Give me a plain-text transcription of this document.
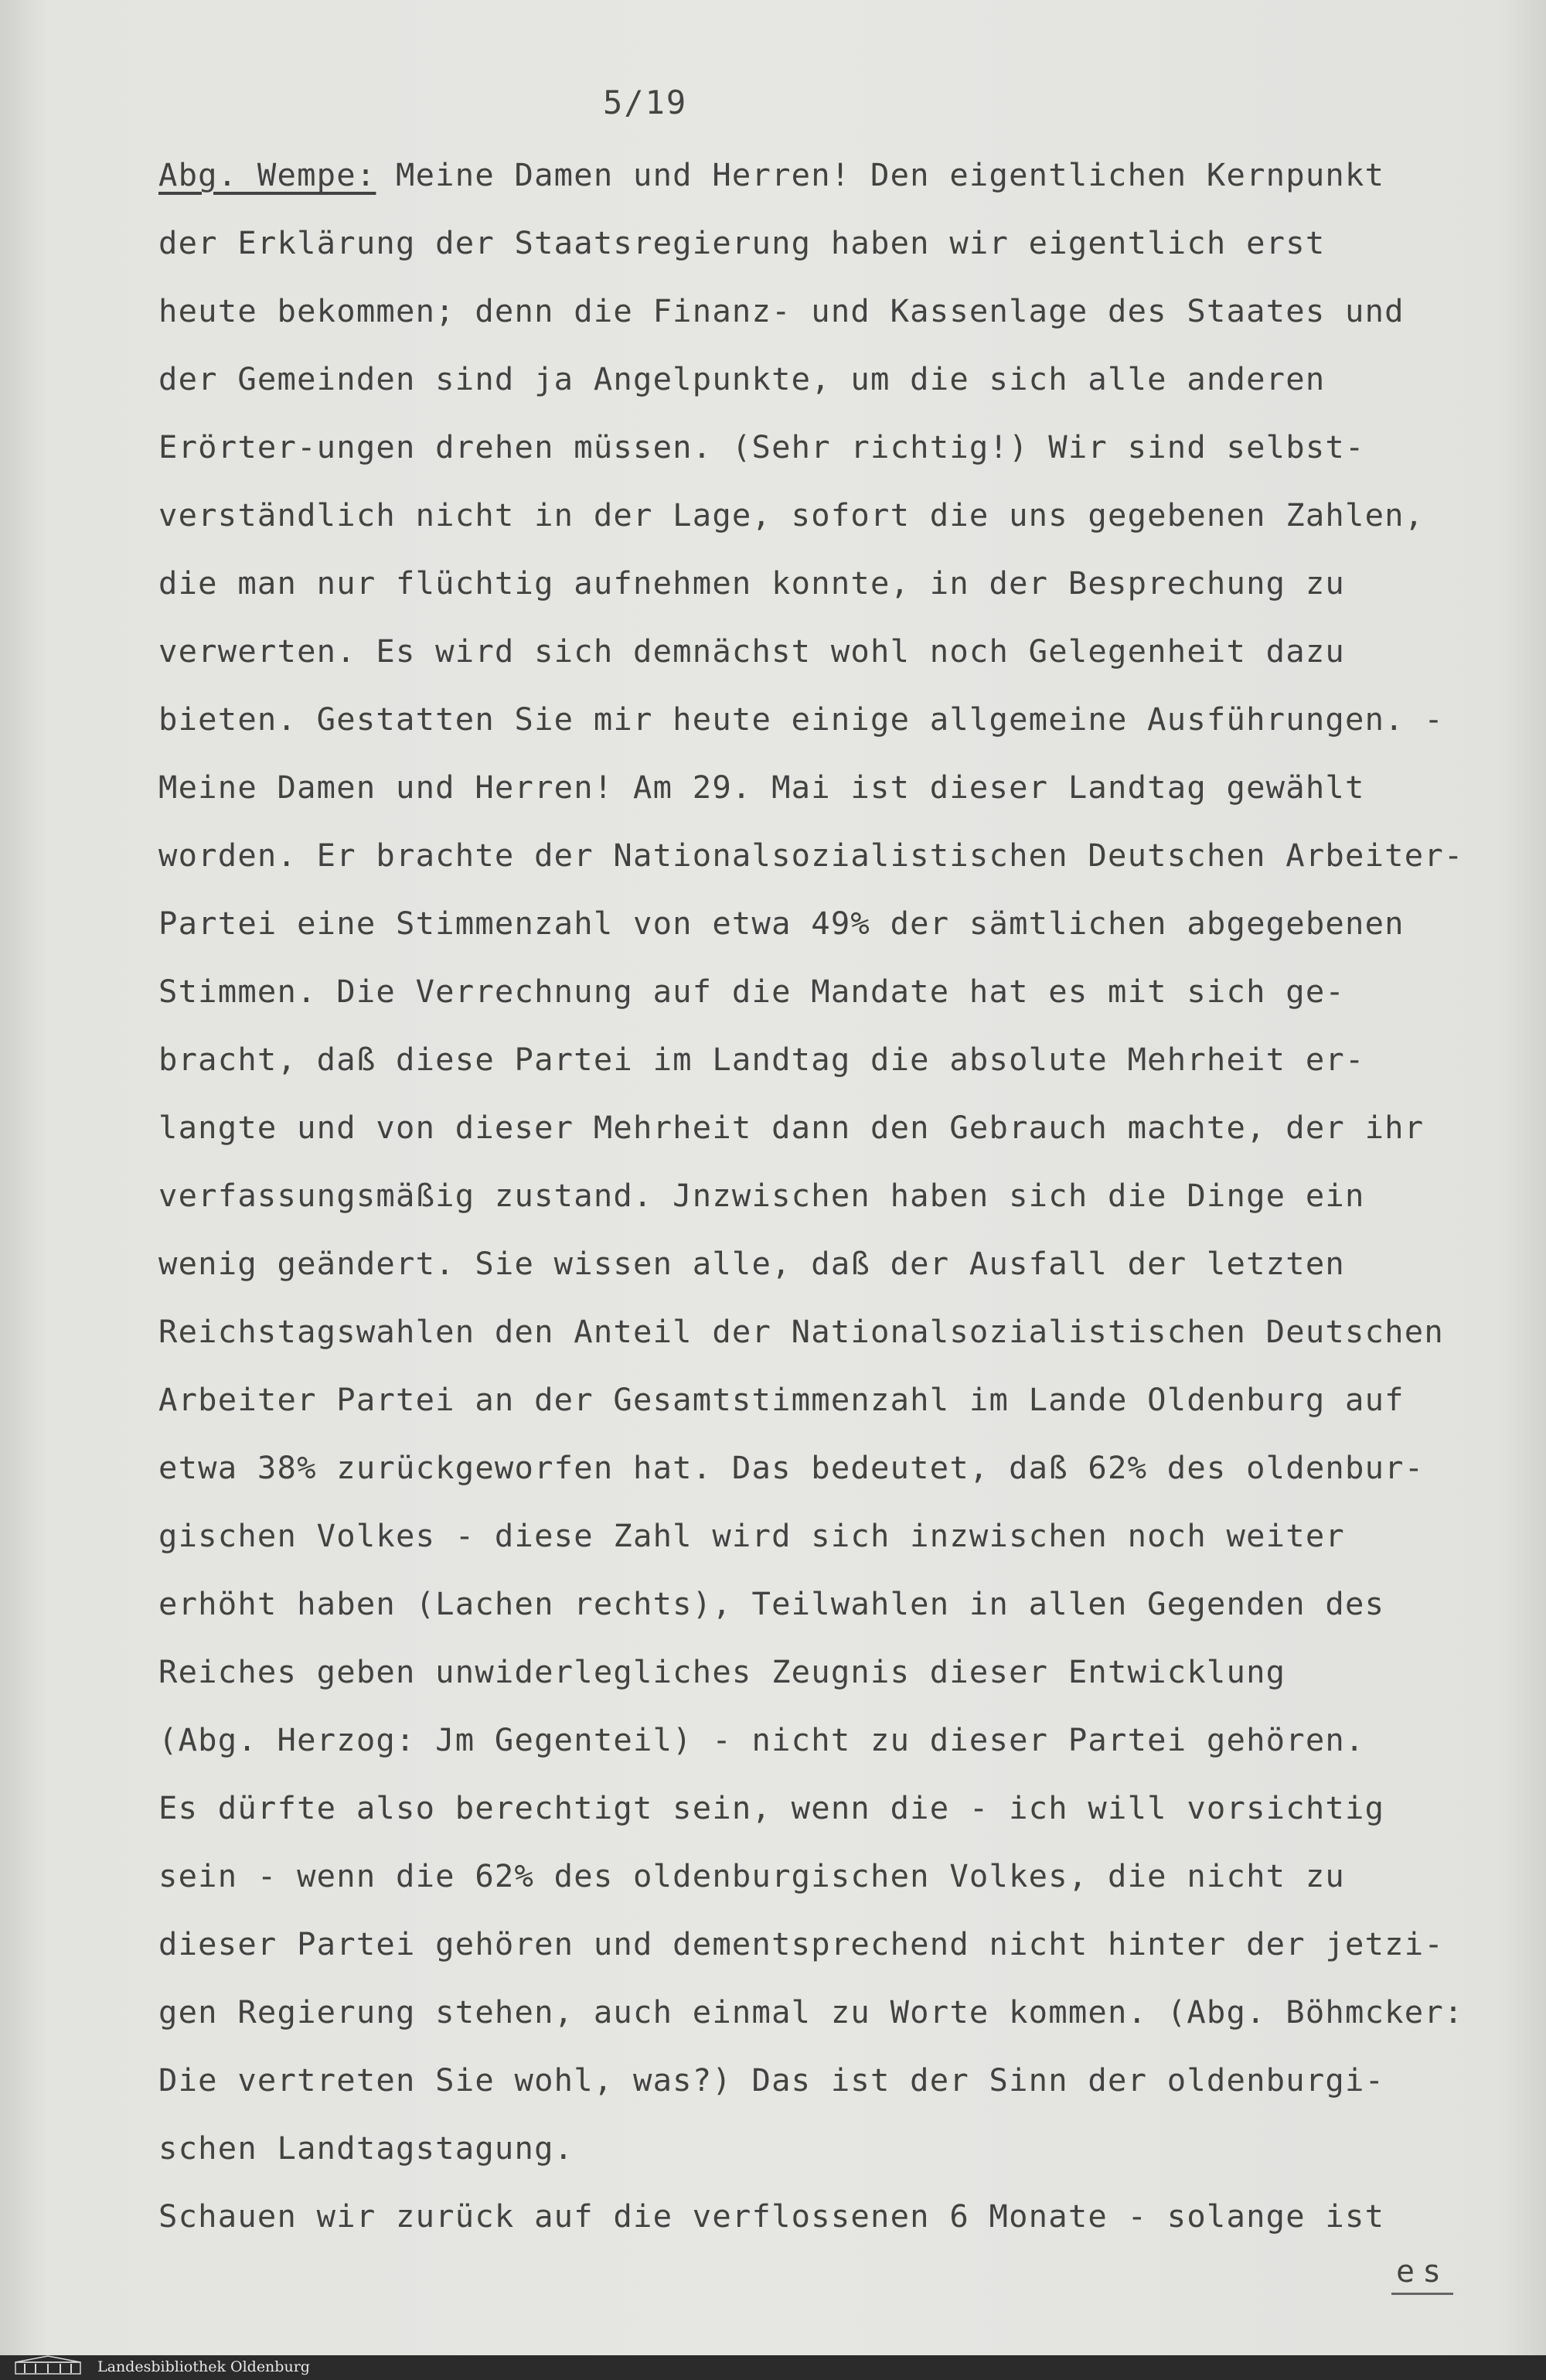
5/19
Abg. Wempe: Meine Damen und Herren! Den eigentlichen Kernpunkt
der Erklärung der Staatsregierung haben wir eigentlich erst
heute bekommen; denn die Finanz- und Kassenlage des Staates und
der Gemeinden sind ja Angelpunkte, um die sich alle anderen
Erörter-ungen drehen müssen. (Sehr richtig!) Wir sind selbst-
verständlich nicht in der Lage, sofort die uns gegebenen Zahlen,
die man nur flüchtig aufnehmen konnte, in der Besprechung zu
verwerten. Es wird sich demnächst wohl noch Gelegenheit dazu
bieten. Gestatten Sie mir heute einige allgemeine Ausführungen. -
Meine Damen und Herren! Am 29. Mai ist dieser Landtag gewählt
worden. Er brachte der Nationalsozialistischen Deutschen Arbeiter-
Partei eine Stimmenzahl von etwa 49% der sämtlichen abgegebenen
Stimmen. Die Verrechnung auf die Mandate hat es mit sich ge-
bracht, daß diese Partei im Landtag die absolute Mehrheit er-
langte und von dieser Mehrheit dann den Gebrauch machte, der ihr
verfassungsmäßig zustand. Jnzwischen haben sich die Dinge ein
wenig geändert. Sie wissen alle, daß der Ausfall der letzten
Reichstagswahlen den Anteil der Nationalsozialistischen Deutschen
Arbeiter Partei an der Gesamtstimmenzahl im Lande Oldenburg auf
etwa 38% zurückgeworfen hat. Das bedeutet, daß 62% des oldenbur-
gischen Volkes - diese Zahl wird sich inzwischen noch weiter
erhöht haben (Lachen rechts), Teilwahlen in allen Gegenden des
Reiches geben unwiderlegliches Zeugnis dieser Entwicklung
(Abg. Herzog: Jm Gegenteil) - nicht zu dieser Partei gehören.
Es dürfte also berechtigt sein, wenn die - ich will vorsichtig
sein - wenn die 62% des oldenburgischen Volkes, die nicht zu
dieser Partei gehören und dementsprechend nicht hinter der jetzi-
gen Regierung stehen, auch einmal zu Worte kommen. (Abg. Böhmcker:
Die vertreten Sie wohl, was?) Das ist der Sinn der oldenburgi-
schen Landtagstagung.
Schauen wir zurück auf die verflossenen 6 Monate - solange ist
es
Landesbibliothek Oldenburg
